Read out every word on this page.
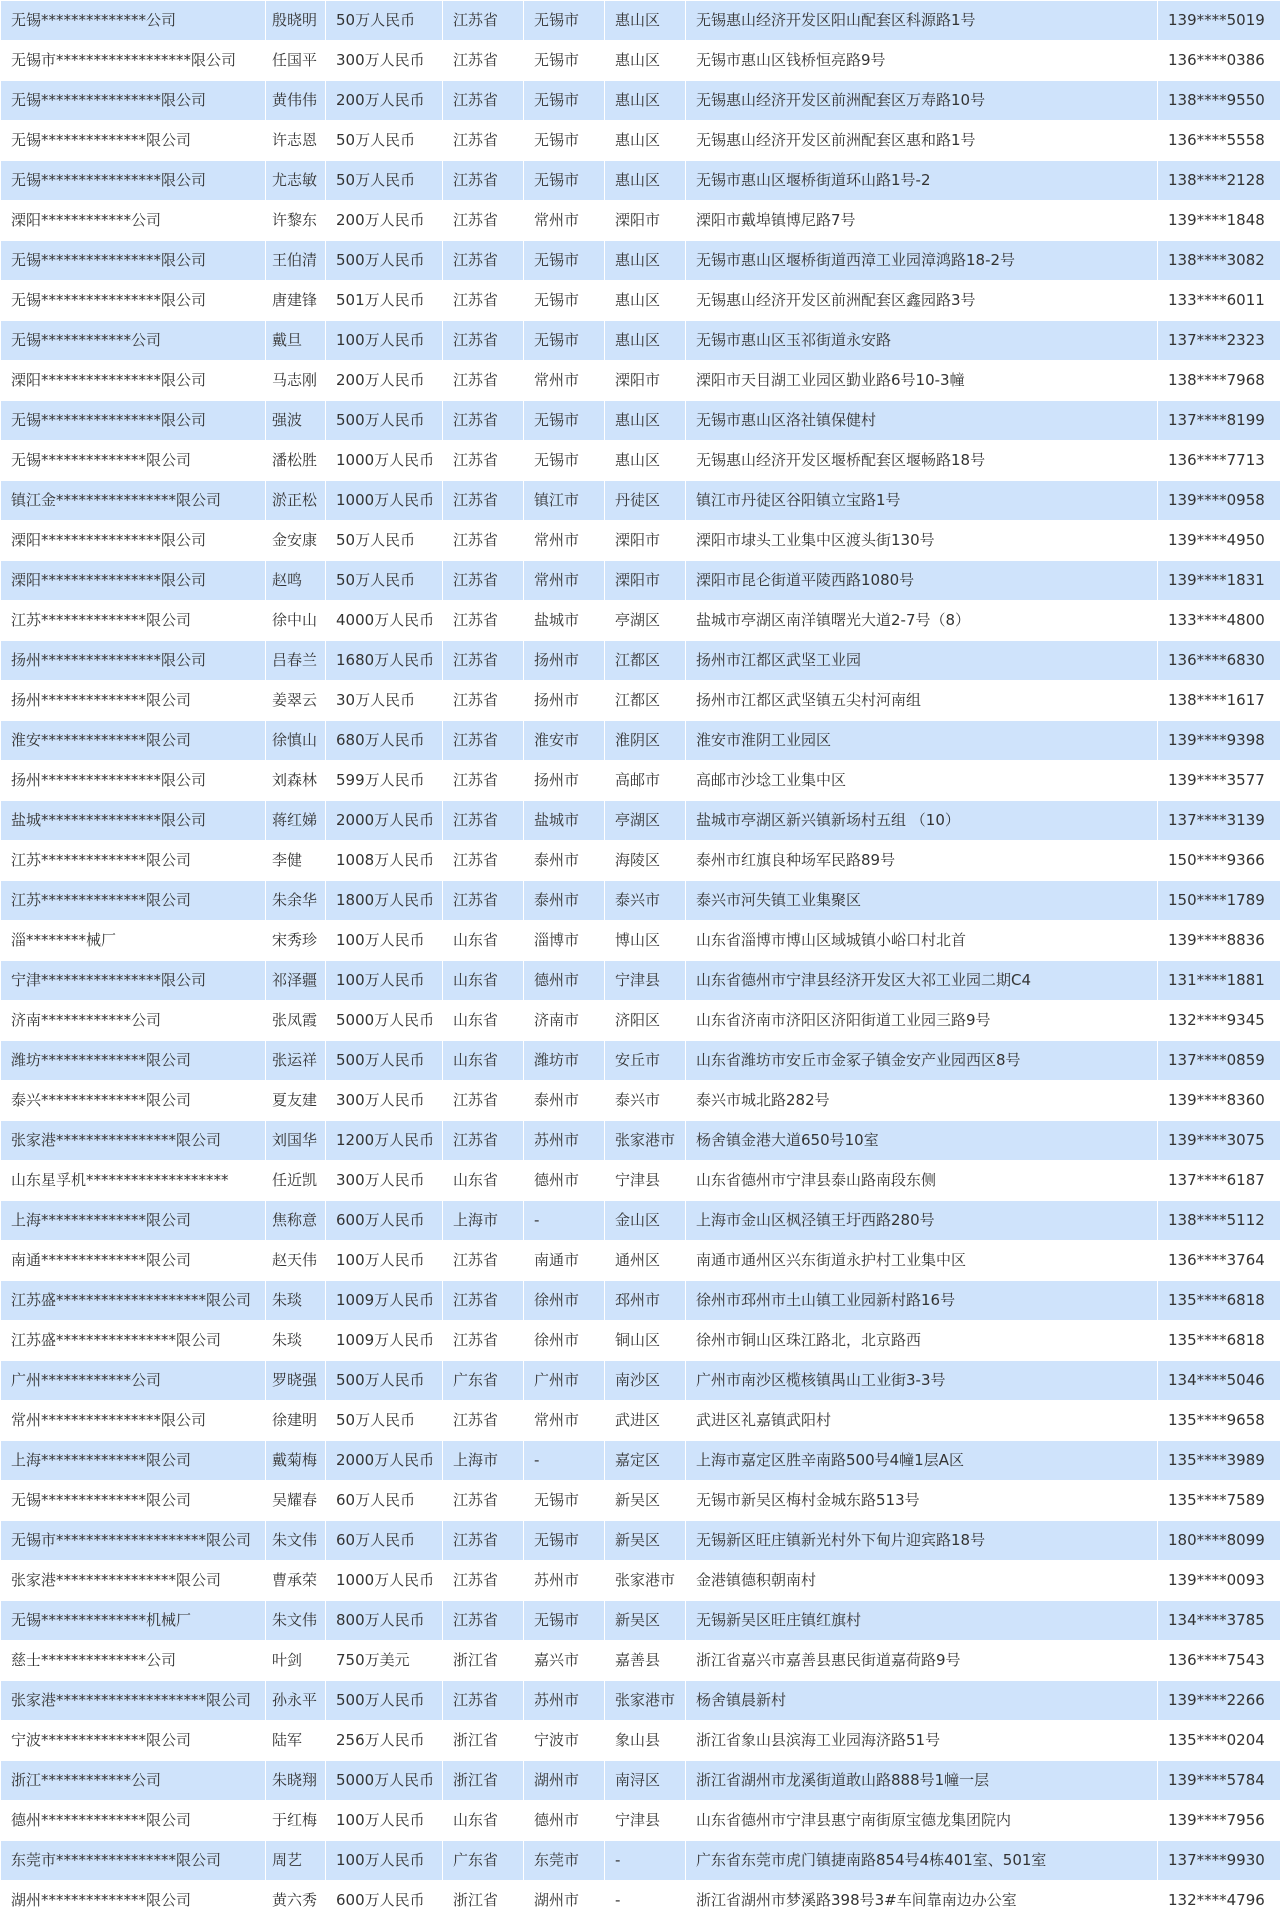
无锡**************公司	殷晓明	50万人民币	江苏省	无锡市	惠山区	无锡惠山经济开发区阳山配套区科源路1号	139****5019
无锡市******************限公司	任国平	300万人民币	江苏省	无锡市	惠山区	无锡市惠山区钱桥恒亮路9号	136****0386
无锡****************限公司	黄伟伟	200万人民币	江苏省	无锡市	惠山区	无锡惠山经济开发区前洲配套区万寿路10号	138****9550
无锡**************限公司	许志恩	50万人民币	江苏省	无锡市	惠山区	无锡惠山经济开发区前洲配套区惠和路1号	136****5558
无锡****************限公司	尤志敏	50万人民币	江苏省	无锡市	惠山区	无锡市惠山区堰桥街道环山路1号-2	138****2128
溧阳************公司	许黎东	200万人民币	江苏省	常州市	溧阳市	溧阳市戴埠镇博尼路7号	139****1848
无锡****************限公司	王伯清	500万人民币	江苏省	无锡市	惠山区	无锡市惠山区堰桥街道西漳工业园漳鸿路18-2号	138****3082
无锡****************限公司	唐建锋	501万人民币	江苏省	无锡市	惠山区	无锡惠山经济开发区前洲配套区鑫园路3号	133****6011
无锡************公司	戴旦	100万人民币	江苏省	无锡市	惠山区	无锡市惠山区玉祁街道永安路	137****2323
溧阳****************限公司	马志刚	200万人民币	江苏省	常州市	溧阳市	溧阳市天目湖工业园区勤业路6号10-3幢	138****7968
无锡****************限公司	强波	500万人民币	江苏省	无锡市	惠山区	无锡市惠山区洛社镇保健村	137****8199
无锡**************限公司	潘松胜	1000万人民币	江苏省	无锡市	惠山区	无锡惠山经济开发区堰桥配套区堰畅路18号	136****7713
镇江金****************限公司	淤正松	1000万人民币	江苏省	镇江市	丹徒区	镇江市丹徒区谷阳镇立宝路1号	139****0958
溧阳****************限公司	金安康	50万人民币	江苏省	常州市	溧阳市	溧阳市埭头工业集中区渡头街130号	139****4950
溧阳****************限公司	赵鸣	50万人民币	江苏省	常州市	溧阳市	溧阳市昆仑街道平陵西路1080号	139****1831
江苏**************限公司	徐中山	4000万人民币	江苏省	盐城市	亭湖区	盐城市亭湖区南洋镇曙光大道2-7号（8）	133****4800
扬州****************限公司	吕春兰	1680万人民币	江苏省	扬州市	江都区	扬州市江都区武坚工业园	136****6830
扬州**************限公司	姜翠云	30万人民币	江苏省	扬州市	江都区	扬州市江都区武坚镇五尖村河南组	138****1617
淮安**************限公司	徐慎山	680万人民币	江苏省	淮安市	淮阴区	淮安市淮阴工业园区	139****9398
扬州****************限公司	刘森林	599万人民币	江苏省	扬州市	高邮市	高邮市沙埝工业集中区	139****3577
盐城****************限公司	蒋红娣	2000万人民币	江苏省	盐城市	亭湖区	盐城市亭湖区新兴镇新场村五组 （10）	137****3139
江苏**************限公司	李健	1008万人民币	江苏省	泰州市	海陵区	泰州市红旗良种场军民路89号	150****9366
江苏**************限公司	朱余华	1800万人民币	江苏省	泰州市	泰兴市	泰兴市河失镇工业集聚区	150****1789
淄********械厂	宋秀珍	100万人民币	山东省	淄博市	博山区	山东省淄博市博山区域城镇小峪口村北首	139****8836
宁津****************限公司	祁泽疆	100万人民币	山东省	德州市	宁津县	山东省德州市宁津县经济开发区大祁工业园二期C4	131****1881
济南************公司	张凤霞	5000万人民币	山东省	济南市	济阳区	山东省济南市济阳区济阳街道工业园三路9号	132****9345
潍坊**************限公司	张运祥	500万人民币	山东省	潍坊市	安丘市	山东省潍坊市安丘市金冢子镇金安产业园西区8号	137****0859
泰兴**************限公司	夏友建	300万人民币	江苏省	泰州市	泰兴市	泰兴市城北路282号	139****8360
张家港****************限公司	刘国华	1200万人民币	江苏省	苏州市	张家港市	杨舍镇金港大道650号10室	139****3075
山东星孚机*******************	任近凯	300万人民币	山东省	德州市	宁津县	山东省德州市宁津县泰山路南段东侧	137****6187
上海**************限公司	焦称意	600万人民币	上海市	-	金山区	上海市金山区枫泾镇王圩西路280号	138****5112
南通**************限公司	赵天伟	100万人民币	江苏省	南通市	通州区	南通市通州区兴东街道永护村工业集中区	136****3764
江苏盛********************限公司	朱琰	1009万人民币	江苏省	徐州市	邳州市	徐州市邳州市土山镇工业园新村路16号	135****6818
江苏盛****************限公司	朱琰	1009万人民币	江苏省	徐州市	铜山区	徐州市铜山区珠江路北，北京路西	135****6818
广州************公司	罗晓强	500万人民币	广东省	广州市	南沙区	广州市南沙区榄核镇禺山工业街3-3号	134****5046
常州****************限公司	徐建明	50万人民币	江苏省	常州市	武进区	武进区礼嘉镇武阳村	135****9658
上海**************限公司	戴菊梅	2000万人民币	上海市	-	嘉定区	上海市嘉定区胜辛南路500号4幢1层A区	135****3989
无锡**************限公司	吴耀春	60万人民币	江苏省	无锡市	新吴区	无锡市新吴区梅村金城东路513号	135****7589
无锡市********************限公司	朱文伟	60万人民币	江苏省	无锡市	新吴区	无锡新区旺庄镇新光村外下甸片迎宾路18号	180****8099
张家港****************限公司	曹承荣	1000万人民币	江苏省	苏州市	张家港市	金港镇德积朝南村	139****0093
无锡**************机械厂	朱文伟	800万人民币	江苏省	无锡市	新吴区	无锡新吴区旺庄镇红旗村	134****3785
慈士**************公司	叶剑	750万美元	浙江省	嘉兴市	嘉善县	浙江省嘉兴市嘉善县惠民街道嘉荷路9号	136****7543
张家港********************限公司	孙永平	500万人民币	江苏省	苏州市	张家港市	杨舍镇晨新村	139****2266
宁波**************限公司	陆军	256万人民币	浙江省	宁波市	象山县	浙江省象山县滨海工业园海济路51号	135****0204
浙江************公司	朱晓翔	5000万人民币	浙江省	湖州市	南浔区	浙江省湖州市龙溪街道敢山路888号1幢一层	139****5784
德州**************限公司	于红梅	100万人民币	山东省	德州市	宁津县	山东省德州市宁津县惠宁南街原宝德龙集团院内	139****7956
东莞市****************限公司	周艺	100万人民币	广东省	东莞市	-	广东省东莞市虎门镇捷南路854号4栋401室、501室	137****9930
湖州**************限公司	黄六秀	600万人民币	浙江省	湖州市	-	浙江省湖州市梦溪路398号3#车间靠南边办公室	132****4796
